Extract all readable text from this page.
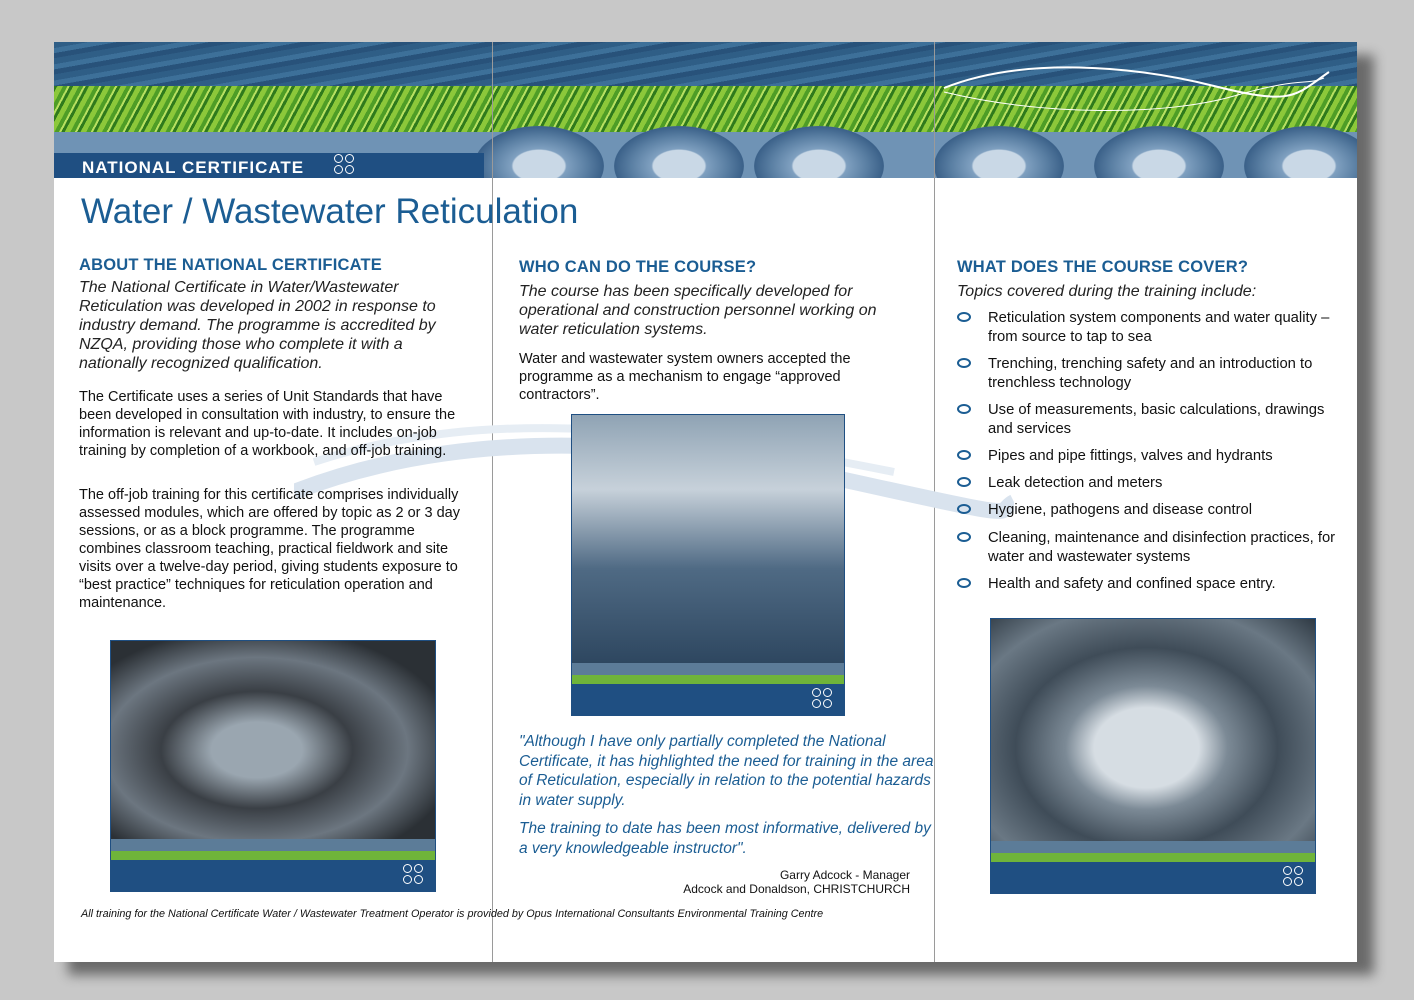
NATIONAL CERTIFICATE
Water / Wastewater Reticulation
ABOUT THE NATIONAL CERTIFICATE

The National Certificate in Water/Wastewater Reticulation was developed in 2002 in response to industry demand. The programme is accredited by NZQA, providing those who complete it with a nationally recognized qualification.

The Certificate uses a series of Unit Standards that have been developed in consultation with industry, to ensure the information is relevant and up-to-date. It includes on-job training by completion of a workbook, and off-job training.

The off-job training for this certificate comprises individually assessed modules, which are offered by topic as 2 or 3 day sessions, or as a block programme. The programme combines classroom teaching, practical fieldwork and site visits over a twelve-day period, giving students exposure to “best practice” techniques for reticulation operation and maintenance.

WHO CAN DO THE COURSE?

The course has been specifically developed for operational and construction personnel working on water reticulation systems.

Water and wastewater system owners accepted the programme as a mechanism to engage “approved contractors”.

"Although I have only partially completed the National Certificate, it has highlighted the need for training in the area of Reticulation, especially in relation to the potential hazards in water supply.

The training to date has been most informative, delivered by a very knowledgeable instructor".

Garry Adcock - Manager
Adcock and Donaldson, CHRISTCHURCH
WHAT DOES THE COURSE COVER?

Topics covered during the training include:

Reticulation system components and water quality – from source to tap to sea
Trenching, trenching safety and an introduction to trenchless technology
Use of measurements, basic calculations, drawings and services
Pipes and pipe fittings, valves and hydrants
Leak detection and meters
Hygiene, pathogens and disease control
Cleaning, maintenance and disinfection practices, for water and wastewater systems
Health and safety and confined space entry.
All training for the National Certificate Water / Wastewater Treatment Operator is provided by Opus International Consultants Environmental Training Centre
